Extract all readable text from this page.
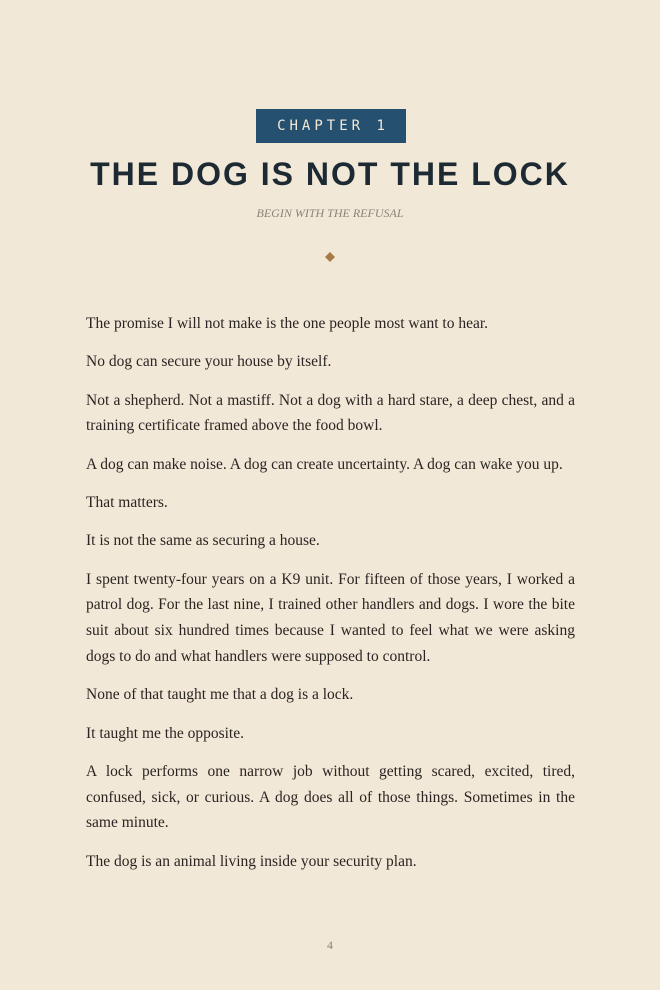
CHAPTER 1
THE DOG IS NOT THE LOCK
BEGIN WITH THE REFUSAL

The promise I will not make is the one people most want to hear.

No dog can secure your house by itself.

Not a shepherd. Not a mastiff. Not a dog with a hard stare, a deep chest, and a training certificate framed above the food bowl.

A dog can make noise. A dog can create uncertainty. A dog can wake you up.

That matters.

It is not the same as securing a house.

I spent twenty-four years on a K9 unit. For fifteen of those years, I worked a patrol dog. For the last nine, I trained other handlers and dogs. I wore the bite suit about six hundred times because I wanted to feel what we were asking dogs to do and what handlers were supposed to control.

None of that taught me that a dog is a lock.

It taught me the opposite.

A lock performs one narrow job without getting scared, excited, tired, confused, sick, or curious. A dog does all of those things. Sometimes in the same minute.

The dog is an animal living inside your security plan.

4
